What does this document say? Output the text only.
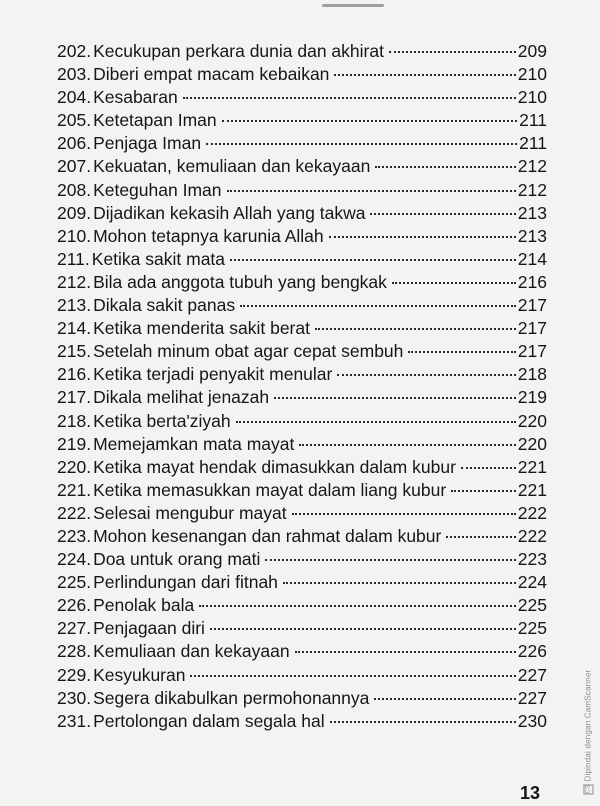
202. Kecukupan perkara dunia dan akhirat	209
203. Diberi empat macam kebaikan	210
204. Kesabaran	210
205. Ketetapan Iman	211
206. Penjaga Iman	211
207. Kekuatan, kemuliaan dan kekayaan	212
208. Keteguhan Iman	212
209. Dijadikan kekasih Allah yang takwa	213
210. Mohon tetapnya karunia Allah	213
211. Ketika sakit mata	214
212. Bila ada anggota tubuh yang bengkak	216
213. Dikala sakit panas	217
214. Ketika menderita sakit berat	217
215. Setelah minum obat agar cepat sembuh	217
216. Ketika terjadi penyakit menular	218
217. Dikala melihat jenazah	219
218. Ketika berta'ziyah	220
219. Memejamkan mata mayat	220
220. Ketika mayat hendak dimasukkan dalam kubur	221
221. Ketika memasukkan mayat dalam liang kubur	221
222. Selesai mengubur mayat	222
223. Mohon kesenangan dan rahmat dalam kubur	222
224. Doa untuk orang mati	223
225. Perlindungan dari fitnah	224
226. Penolak bala	225
227. Penjagaan diri	225
228. Kemuliaan dan kekayaan	226
229. Kesyukuran	227
230. Segera dikabulkan permohonannya	227
231. Pertolongan dalam segala hal	230
13	CSDipindai dengan CamScanner
